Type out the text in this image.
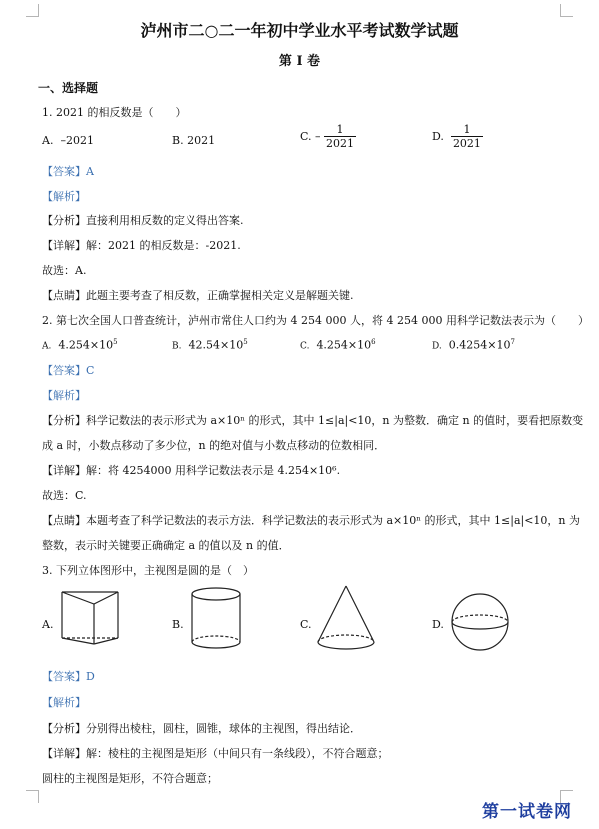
泸州市二○二一年初中学业水平考试数学试题
第 I 卷
一、选择题
1. 2021 的相反数是（　　）
A. –2021	B. 2021	C. – $\frac{1}{2021}$	D. $\frac{1}{2021}$
【答案】A
【解析】
【分析】直接利用相反数的定义得出答案.
【详解】解：2021 的相反数是：-2021.
故选：A.
【点睛】此题主要考查了相反数，正确掌握相关定义是解题关键.
2. 第七次全国人口普查统计，泸州市常住人口约为 4 254 000 人，将 4 254 000 用科学记数法表示为（　　）
A. $4.254\times 10^5$	B. $42.54\times 10^5$	C. $4.254\times 10^6$	D. $0.4254\times 10^7$
【答案】C
【解析】
【分析】科学记数法的表示形式为 a×10ⁿ 的形式，其中 1≤|a|<10，n 为整数．确定 n 的值时，要看把原数变
成 a 时，小数点移动了多少位，n 的绝对值与小数点移动的位数相同．
【详解】解：将 4254000 用科学记数法表示是 4.254×10⁶.
故选：C.
【点睛】本题考查了科学记数法的表示方法．科学记数法的表示形式为 a×10ⁿ 的形式，其中 1≤|a|<10，n 为
整数，表示时关键要正确确定 a 的值以及 n 的值．
3. 下列立体图形中，主视图是圆的是（　）
A.	B.	C.	D.
【答案】D
【解析】
【分析】分别得出棱柱，圆柱，圆锥，球体的主视图，得出结论．
【详解】解：棱柱的主视图是矩形（中间只有一条线段），不符合题意；
圆柱的主视图是矩形，不符合题意；
第一试卷网
